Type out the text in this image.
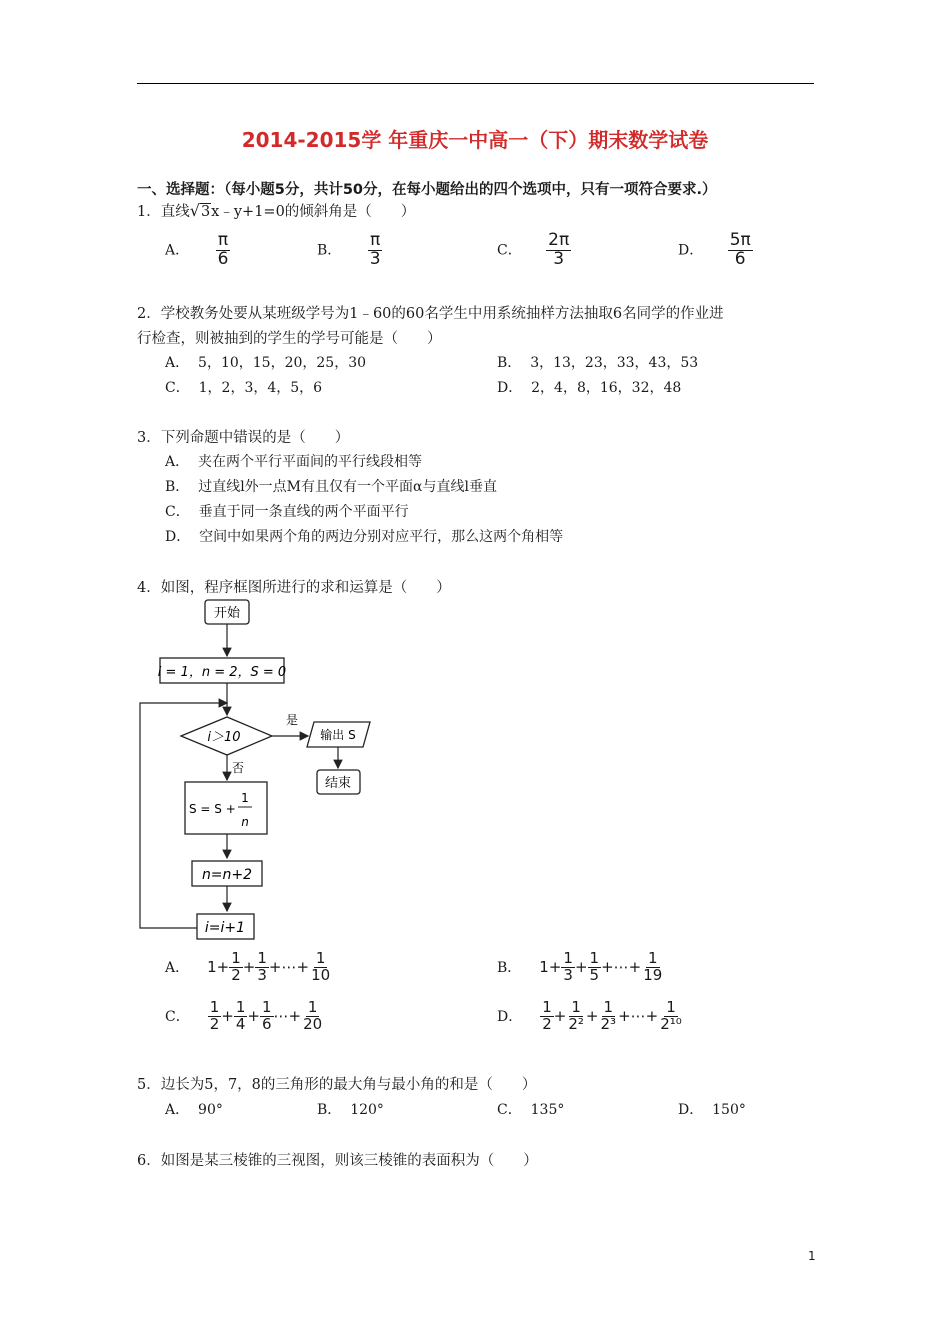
2014-2015学 年重庆一中高一（下）期末数学试卷
一、选择题：（每小题5分，共计50分，在每小题给出的四个选项中，只有一项符合要求.）
1．直线√3x﹣y+1=0的倾斜角是（　　）
A． $\frac{\pi}{6}$	B． $\frac{\pi}{3}$	C． $\frac{2\pi}{3}$	D． $\frac{5\pi}{6}$
2．学校教务处要从某班级学号为1﹣60的60名学生中用系统抽样方法抽取6名同学的作业进
行检查，则被抽到的学生的学号可能是（　　）
A． 5，10，15，20，25，30	B． 3，13，23，33，43，53
C． 1，2，3，4，5，6	D． 2，4，8，16，32，48
3．下列命题中错误的是（　　）
A． 夹在两个平行平面间的平行线段相等
B． 过直线l外一点M有且仅有一个平面α与直线l垂直
C． 垂直于同一条直线的两个平面平行
D． 空间中如果两个角的两边分别对应平行，那么这两个角相等
4．如图，程序框图所进行的求和运算是（　　）
开始
i = 1，n = 2，S = 0
i＞10
是
输出 S
结束
否
S = S +
1
n
n=n+2
i=i+1
A． $1+ \frac{1}{2} + \frac{1}{3}$ +⋯+ $\frac{1}{10}$	B． $1+ \frac{1}{3} + \frac{1}{5}$ +⋯+ $\frac{1}{19}$
C． $\frac{1}{2} + \frac{1}{4} + \frac{1}{6}$ ⋯+ $\frac{1}{20}$	D． $\frac{1}{2} + \frac{1}{\text{2²}} + \frac{1}{\text{2³}}$ +⋯+ $\frac{1}{\text{2¹⁰}}$
5．边长为5，7，8的三角形的最大角与最小角的和是（　　）
A． 90°	B． 120°	C． 135°	D． 150°
6．如图是某三棱锥的三视图，则该三棱锥的表面积为（　　）
1
